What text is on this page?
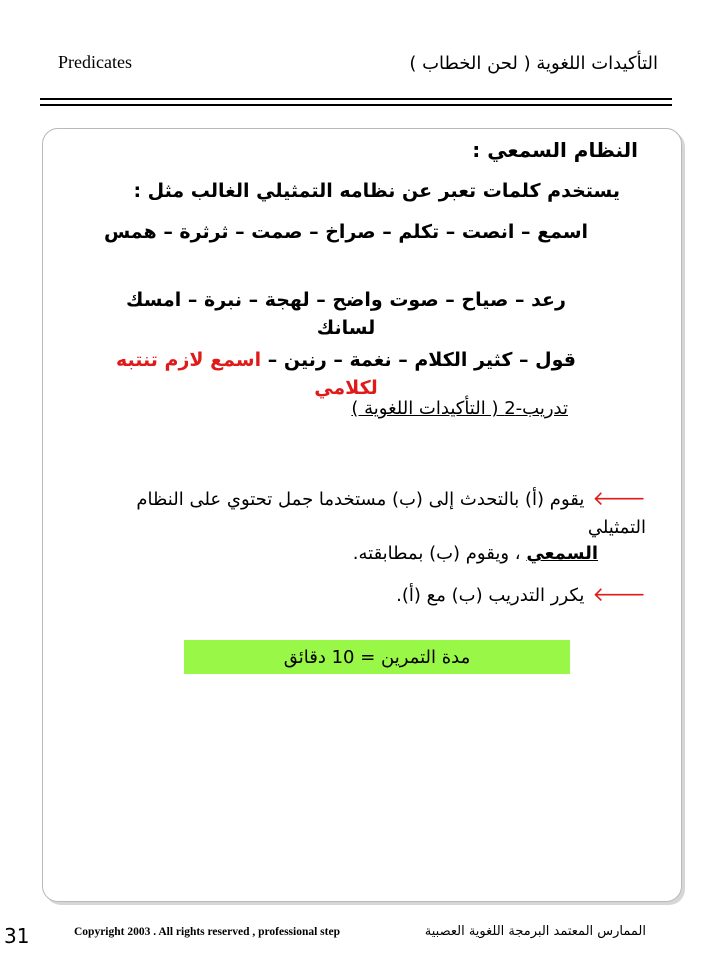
Predicates	التأكيدات اللغوية ( لحن الخطاب )
النظام السمعي :
يستخدم كلمات تعبر عن نظامه التمثيلي الغالب مثل :
اسمع – انصت – تكلم – صراخ – صمت – ثرثرة – همس
رعد – صياح – صوت واضح – لهجة – نبرة – امسك لسانك
قول – كثير الكلام – نغمة – رنين – اسمع لازم تنتبه لكلامي
تدريب-2 ( التأكيدات اللغوية )
🡐يقوم (أ) بالتحدث إلى (ب) مستخدما جمل تحتوي على النظام التمثيلي
السمعي ، ويقوم (ب) بمطابقته.
🡐يكرر التدريب (ب) مع (أ).
مدة التمرين = 10 دقائق
31	Copyright 2003 . All rights reserved , professional step	الممارس المعتمد البرمجة اللغوية العصبية
